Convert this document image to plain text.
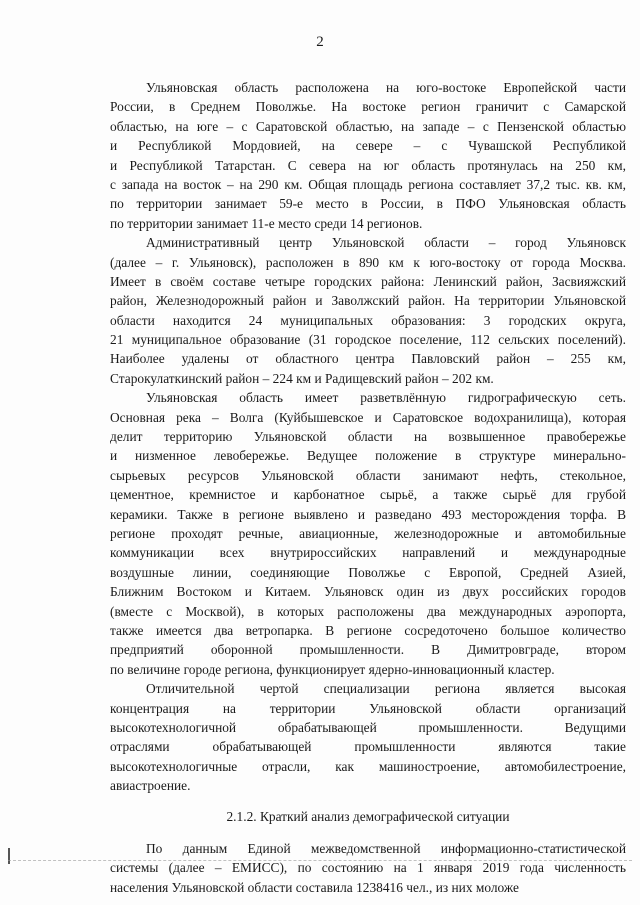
2
Ульяновская область расположена на юго-востоке Европейской части
России, в Среднем Поволжье. На востоке регион граничит с Самарской
областью, на юге – с Саратовской областью, на западе – с Пензенской областью
и Республикой Мордовией, на севере – с Чувашской Республикой
и Республикой Татарстан. С севера на юг область протянулась на 250 км,
с запада на восток – на 290 км. Общая площадь региона составляет 37,2 тыс. кв. км,
по территории занимает 59-е место в России, в ПФО Ульяновская область
по территории занимает 11-е место среди 14 регионов.
Административный центр Ульяновской области – город Ульяновск
(далее – г. Ульяновск), расположен в 890 км к юго-востоку от города Москва.
Имеет в своём составе четыре городских района: Ленинский район, Засвияжский
район, Железнодорожный район и Заволжский район. На территории Ульяновской
области находится 24 муниципальных образования: 3 городских округа,
21 муниципальное образование (31 городское поселение, 112 сельских поселений).
Наиболее удалены от областного центра Павловский район – 255 км,
Старокулаткинский район – 224 км и Радищевский район – 202 км.
Ульяновская область имеет разветвлённую гидрографическую сеть.
Основная река – Волга (Куйбышевское и Саратовское водохранилища), которая
делит территорию Ульяновской области на возвышенное правобережье
и низменное левобережье. Ведущее положение в структуре минерально-
сырьевых ресурсов Ульяновской области занимают нефть, стекольное,
цементное, кремнистое и карбонатное сырьё, а также сырьё для грубой
керамики. Также в регионе выявлено и разведано 493 месторождения торфа. В
регионе проходят речные, авиационные, железнодорожные и автомобильные
коммуникации всех внутрироссийских направлений и международные
воздушные линии, соединяющие Поволжье с Европой, Средней Азией,
Ближним Востоком и Китаем. Ульяновск один из двух российских городов
(вместе с Москвой), в которых расположены два международных аэропорта,
также имеется два ветропарка. В регионе сосредоточено большое количество
предприятий оборонной промышленности. В Димитровграде, втором
по величине городе региона, функционирует ядерно-инновационный кластер.
Отличительной чертой специализации региона является высокая
концентрация на территории Ульяновской области организаций
высокотехнологичной обрабатывающей промышленности. Ведущими
отраслями обрабатывающей промышленности являются такие
высокотехнологичные отрасли, как машиностроение, автомобилестроение,
авиастроение.
2.1.2. Краткий анализ демографической ситуации
По данным Единой межведомственной информационно-статистической
системы (далее – ЕМИСС), по состоянию на 1 января 2019 года численность
населения Ульяновской области составила 1238416 чел., из них моложе
